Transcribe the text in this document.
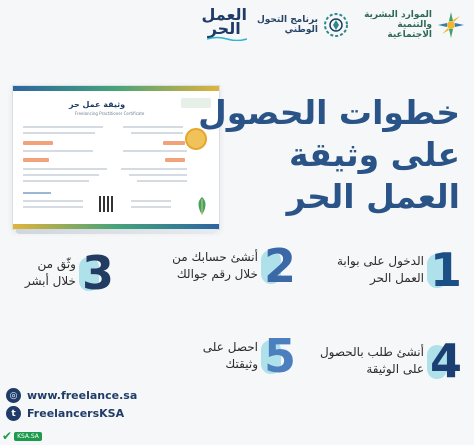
الموارد البشرية والتنمية الاجتماعية
برنامج التحول
الوطني
العمل
الحر
وثيقة عمل حر
Freelancing Practitioner Certificate خطوات الحصول
على وثيقة
العمل الحر
1
الدخول على بوابة
العمل الحر
2
أنشئ حسابك من
خلال رقم جوالك
3
وثّق من
خلال أبشر
4
أنشئ طلب بالحصول
على الوثيقة
5
احصل على
وثيقتك
◎ www.freelance.sa
t	FreelancersKSA
✔ KSA.SA
